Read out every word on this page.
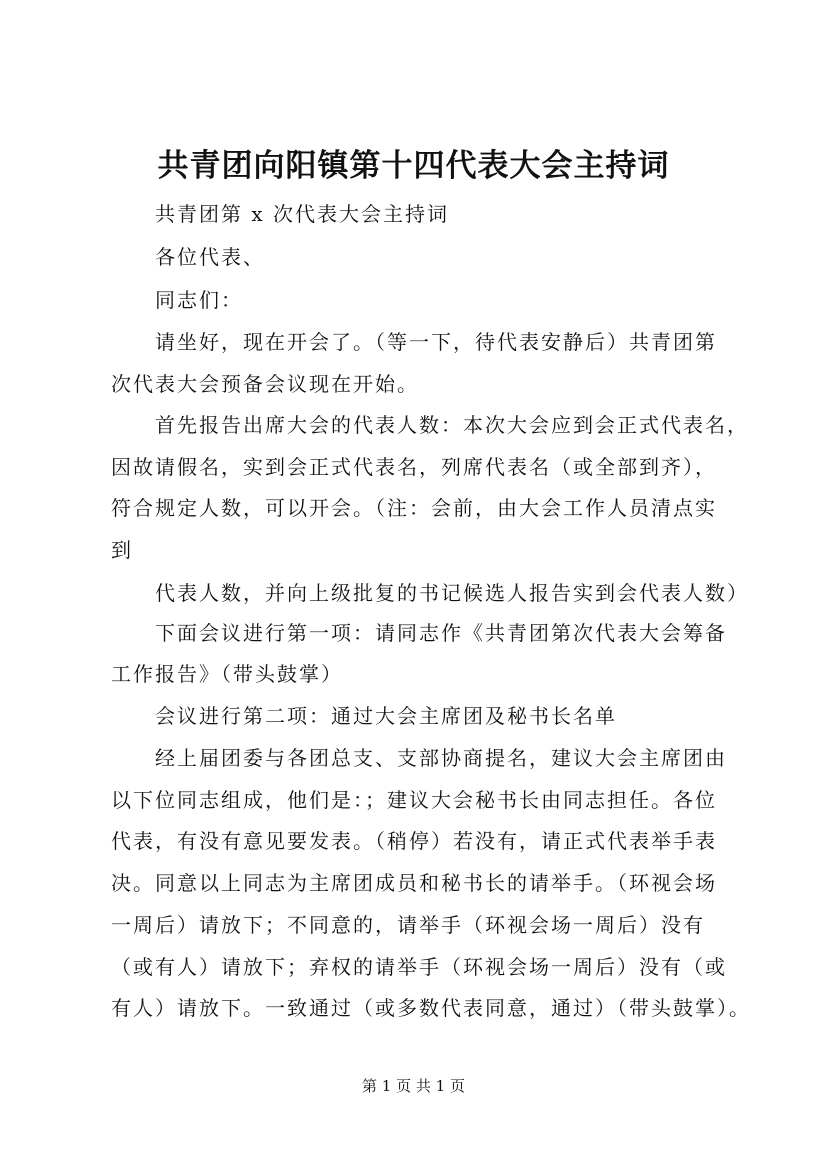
共青团向阳镇第十四代表大会主持词
共青团第 x 次代表大会主持词
各位代表、
同志们：
请坐好，现在开会了。（等一下，待代表安静后）共青团第
次代表大会预备会议现在开始。
首先报告出席大会的代表人数：本次大会应到会正式代表名，
因故请假名，实到会正式代表名，列席代表名（或全部到齐），
符合规定人数，可以开会。（注：会前，由大会工作人员清点实
到
代表人数，并向上级批复的书记候选人报告实到会代表人数）
下面会议进行第一项：请同志作《共青团第次代表大会筹备
工作报告》（带头鼓掌）
会议进行第二项：通过大会主席团及秘书长名单
经上届团委与各团总支、支部协商提名，建议大会主席团由
以下位同志组成，他们是：；建议大会秘书长由同志担任。各位
代表，有没有意见要发表。（稍停）若没有，请正式代表举手表
决。同意以上同志为主席团成员和秘书长的请举手。（环视会场
一周后）请放下；不同意的，请举手（环视会场一周后）没有
（或有人）请放下；弃权的请举手（环视会场一周后）没有（或
有人）请放下。一致通过（或多数代表同意，通过）（带头鼓掌）。
第 1 页 共 1 页
